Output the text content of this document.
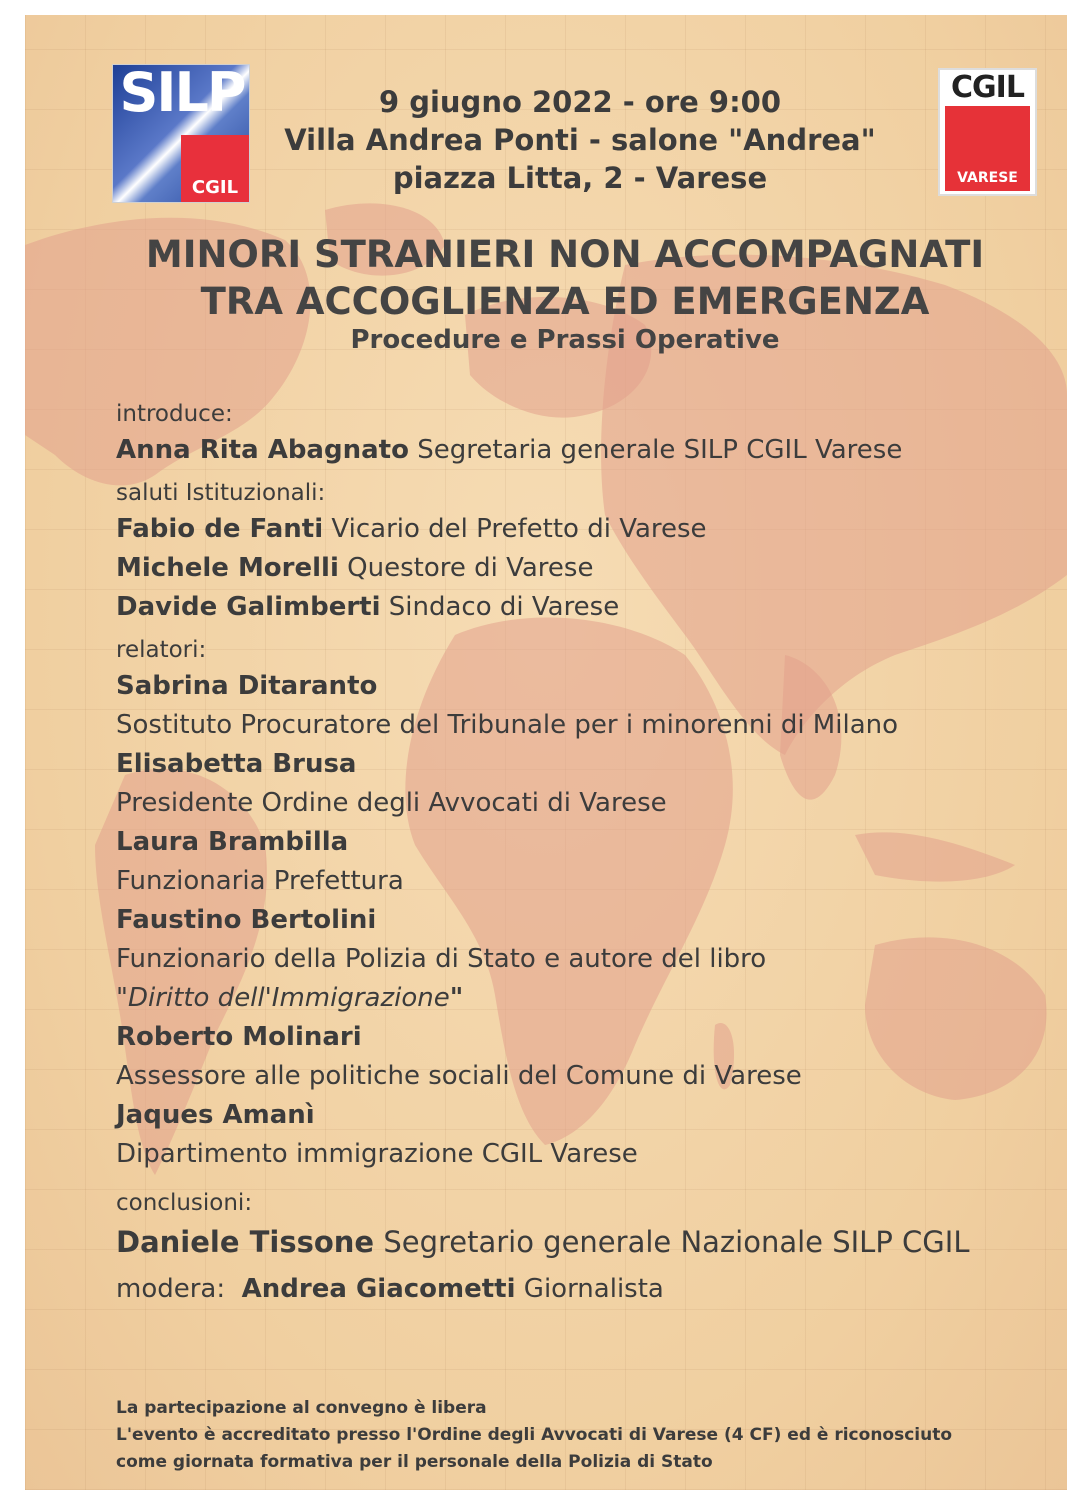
SILP
CGIL
CGIL
VARESE
9 giugno 2022 - ore 9:00
Villa Andrea Ponti - salone "Andrea"
piazza Litta, 2 - Varese
MINORI STRANIERI NON ACCOMPAGNATI
TRA ACCOGLIENZA ED EMERGENZA
Procedure e Prassi Operative
introduce:
Anna Rita Abagnato Segretaria generale SILP CGIL Varese
saluti Istituzionali:
Fabio de Fanti Vicario del Prefetto di Varese
Michele Morelli Questore di Varese
Davide Galimberti Sindaco di Varese
relatori:
Sabrina Ditaranto
Sostituto Procuratore del Tribunale per i minorenni di Milano
Elisabetta Brusa
Presidente Ordine degli Avvocati di Varese
Laura Brambilla
Funzionaria Prefettura
Faustino Bertolini
Funzionario della Polizia di Stato e autore del libro
"Diritto dell'Immigrazione"
Roberto Molinari
Assessore alle politiche sociali del Comune di Varese
Jaques Amanì
Dipartimento immigrazione CGIL Varese
conclusioni:
Daniele Tissone Segretario generale Nazionale SILP CGIL
modera: Andrea Giacometti Giornalista
La partecipazione al convegno è libera
L'evento è accreditato presso l'Ordine degli Avvocati di Varese (4 CF) ed è riconosciuto
come giornata formativa per il personale della Polizia di Stato
